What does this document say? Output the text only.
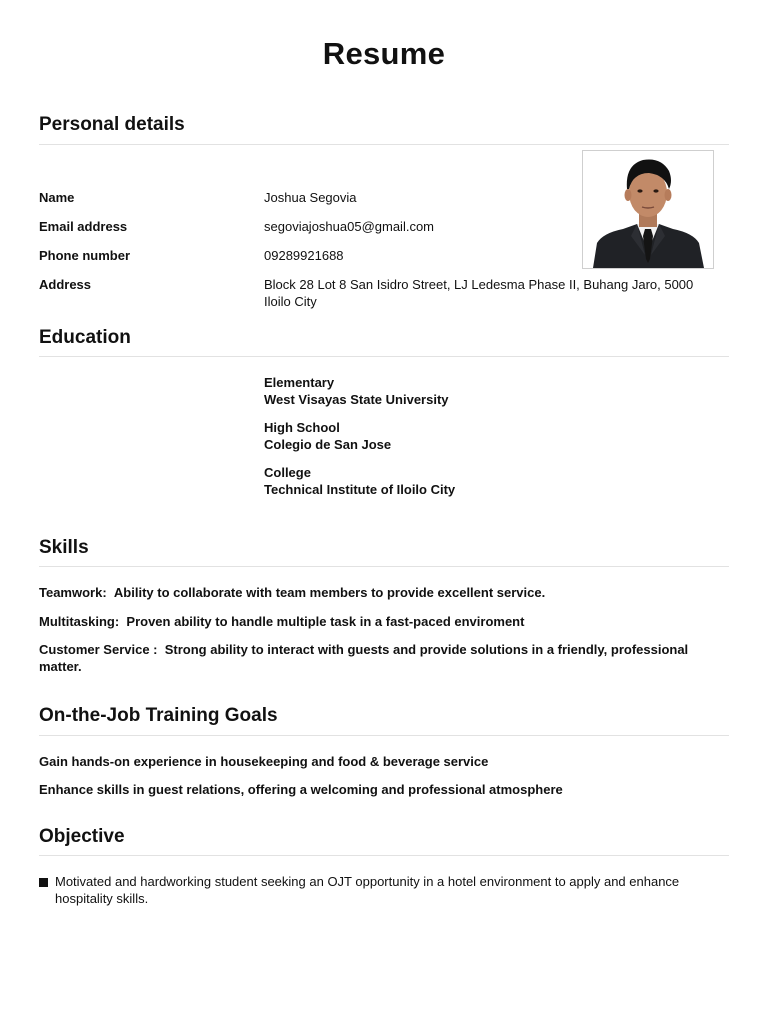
Resume
Personal details
Name	Joshua Segovia
Email address	segoviajoshua05@gmail.com
Phone number	09289921688
Address	Block 28 Lot 8 San Isidro Street, LJ Ledesma Phase II, Buhang Jaro, 5000 Iloilo City
Education
Elementary
West Visayas State University
High School
Colegio de San Jose
College
Technical Institute of Iloilo City
Skills
Teamwork: Ability to collaborate with team members to provide excellent service.
Multitasking: Proven ability to handle multiple task in a fast-paced enviroment
Customer Service : Strong ability to interact with guests and provide solutions in a friendly, professional matter.
On-the-Job Training Goals
Gain hands-on experience in housekeeping and food & beverage service
Enhance skills in guest relations, offering a welcoming and professional atmosphere
Objective
Motivated and hardworking student seeking an OJT opportunity in a hotel environment to apply and enhance hospitality skills.
